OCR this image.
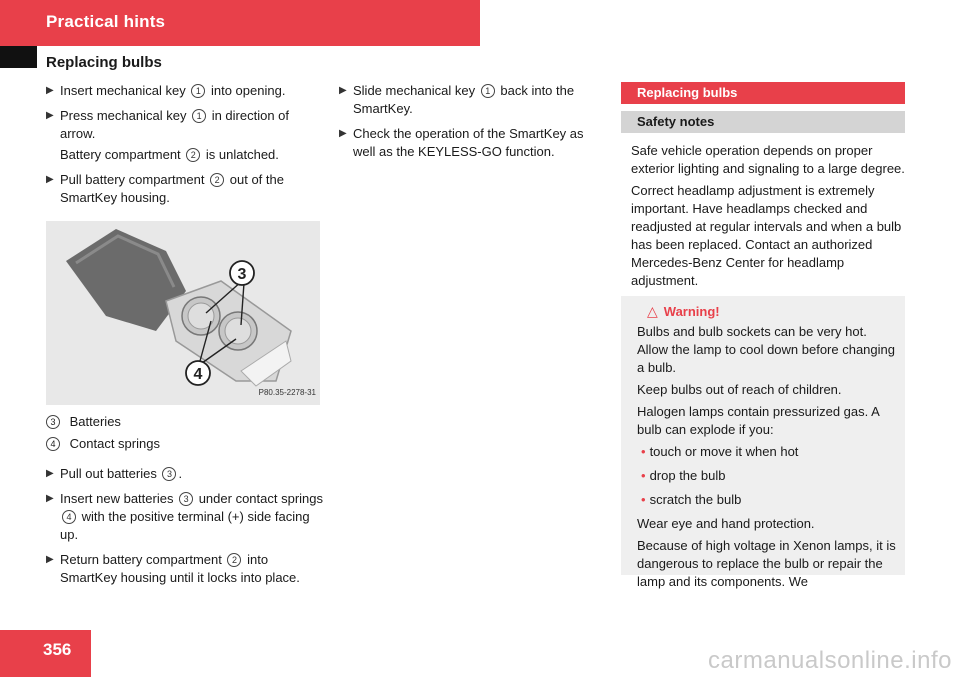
Practical hints
Replacing bulbs
▶ Insert mechanical key 1 into opening.
▶ Press mechanical key 1 in direction of arrow.
Battery compartment 2 is unlatched.
▶ Pull battery compartment 2 out of the SmartKey housing.
3
4
P80.35-2278-31
3 Batteries
4 Contact springs
▶ Pull out batteries 3 .
▶ Insert new batteries 3 under contact springs 4 with the positive terminal (+) side facing up.
▶ Return battery compartment 2 into SmartKey housing until it locks into place.
▶ Slide mechanical key 1 back into the SmartKey.
▶ Check the operation of the SmartKey as well as the KEYLESS-GO function.
Replacing bulbs
Safety notes
Safe vehicle operation depends on proper exterior lighting and signaling to a large degree.
Correct headlamp adjustment is extremely important. Have headlamps checked and readjusted at regular intervals and when a bulb has been replaced. Contact an authorized Mercedes-Benz Center for headlamp adjustment.
△ Warning!
Bulbs and bulb sockets can be very hot. Allow the lamp to cool down before changing a bulb.
Keep bulbs out of reach of children.
Halogen lamps contain pressurized gas. A bulb can explode if you:
• touch or move it when hot
• drop the bulb
• scratch the bulb
Wear eye and hand protection.
Because of high voltage in Xenon lamps, it is dangerous to replace the bulb or repair the lamp and its components. We
356	carmanualsonline.info
